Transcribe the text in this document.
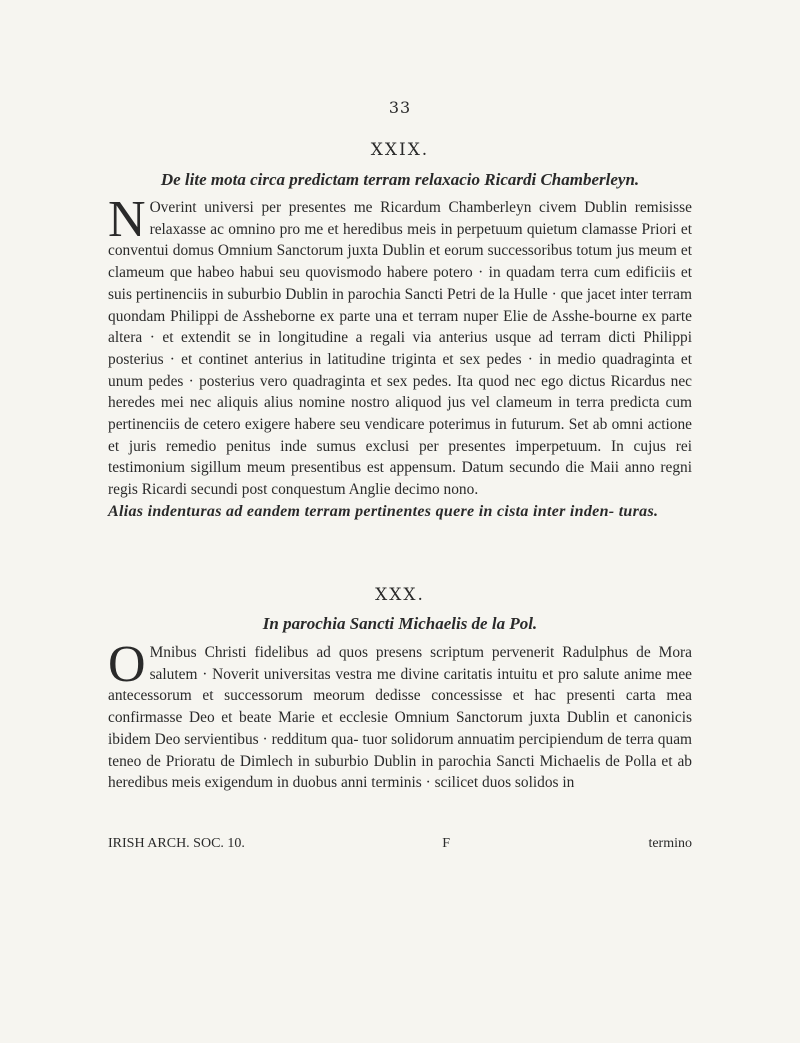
33
XXIX.
De lite mota circa predictam terram relaxacio Ricardi Chamberleyn.

N Overint universi per presentes me Ricardum Chamberleyn civem Dublin remisisse relaxasse ac omnino pro me et heredibus meis in perpetuum quietum clamasse Priori et conventui domus Omnium Sanctorum juxta Dublin et eorum successoribus totum jus meum et clameum que habeo habui seu quovismodo habere potero · in quadam terra cum edificiis et suis pertinenciis in suburbio Dublin in parochia Sancti Petri de la Hulle · que jacet inter terram quondam Philippi de Assheborne ex parte una et terram nuper Elie de Asshe-bourne ex parte altera · et extendit se in longitudine a regali via anterius usque ad terram dicti Philippi posterius · et continet anterius in latitudine triginta et sex pedes · in medio quadraginta et unum pedes · posterius vero quadraginta et sex pedes. Ita quod nec ego dictus Ricardus nec heredes mei nec aliquis alius nomine nostro aliquod jus vel clameum in terra predicta cum pertinenciis de cetero exigere habere seu vendicare poterimus in futurum. Set ab omni actione et juris remedio penitus inde sumus exclusi per presentes imperpetuum. In cujus rei testimonium sigillum meum presentibus est appensum. Datum secundo die Maii anno regni regis Ricardi secundi post conquestum Anglie decimo nono.

Alias indenturas ad eandem terram pertinentes quere in cista inter inden- turas.

XXX.
In parochia Sancti Michaelis de la Pol.

O Mnibus Christi fidelibus ad quos presens scriptum pervenerit Radulphus de Mora salutem · Noverit universitas vestra me divine caritatis intuitu et pro salute anime mee antecessorum et successorum meorum dedisse concessisse et hac presenti carta mea confirmasse Deo et beate Marie et ecclesie Omnium Sanctorum juxta Dublin et canonicis ibidem Deo servientibus · redditum qua- tuor solidorum annuatim percipiendum de terra quam teneo de Prioratu de Dimlech in suburbio Dublin in parochia Sancti Michaelis de Polla et ab heredibus meis exigendum in duobus anni terminis · scilicet duos solidos in

IRISH ARCH. SOC. 10.	F	termino
